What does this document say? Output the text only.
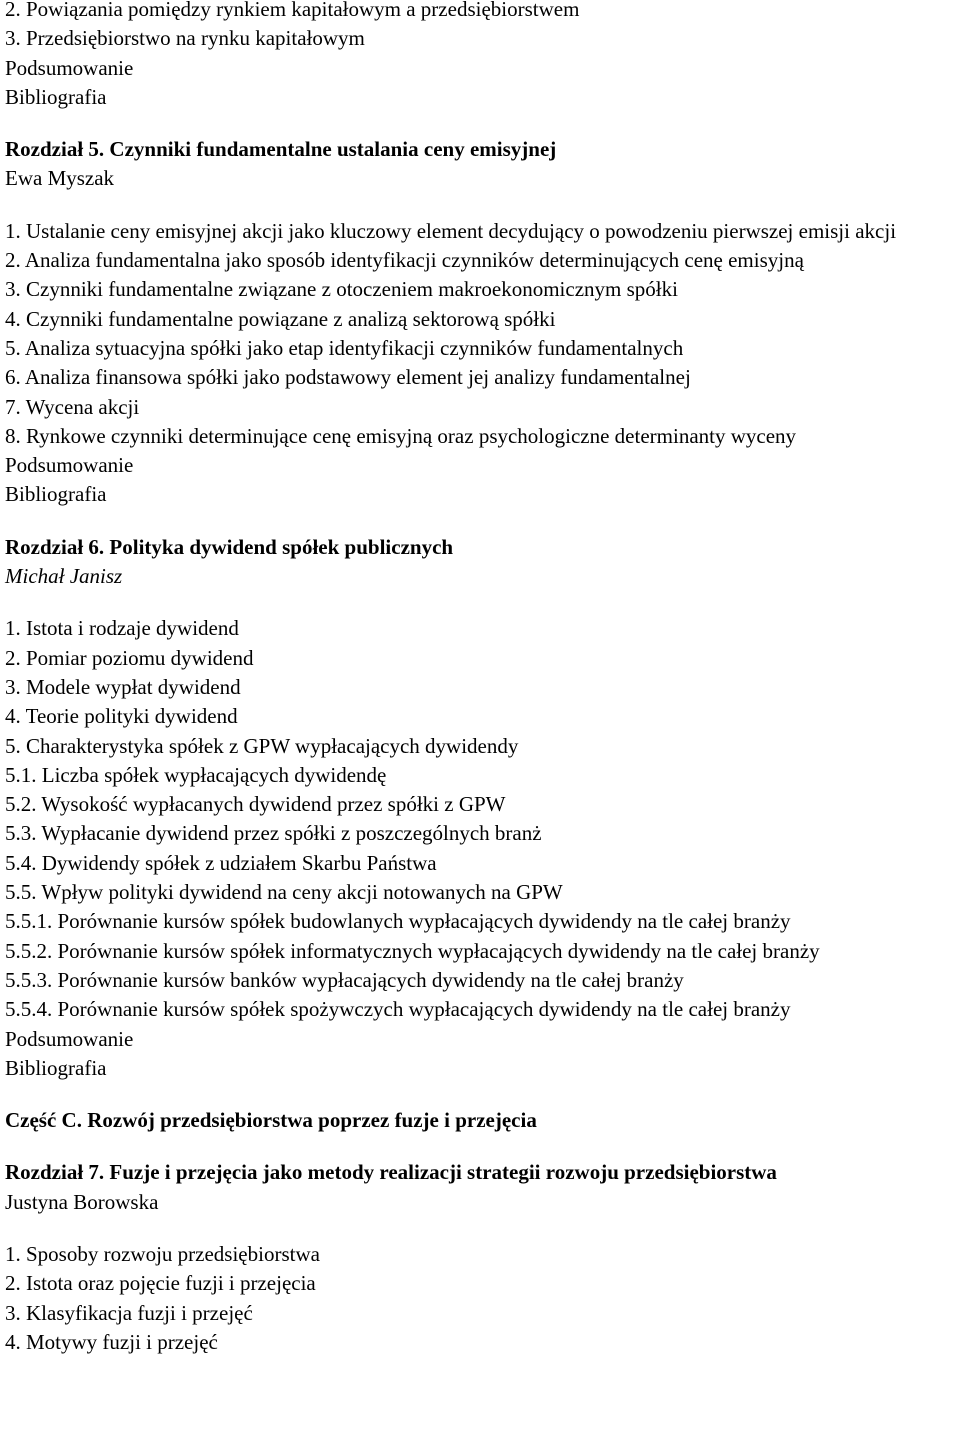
2. Powiązania pomiędzy rynkiem kapitałowym a przedsiębiorstwem
3. Przedsiębiorstwo na rynku kapitałowym
Podsumowanie
Bibliografia
Rozdział 5. Czynniki fundamentalne ustalania ceny emisyjnej
Ewa Myszak
1. Ustalanie ceny emisyjnej akcji jako kluczowy element decydujący o powodzeniu pierwszej emisji akcji
2. Analiza fundamentalna jako sposób identyfikacji czynników determinujących cenę emisyjną
3. Czynniki fundamentalne związane z otoczeniem makroekonomicznym spółki
4. Czynniki fundamentalne powiązane z analizą sektorową spółki
5. Analiza sytuacyjna spółki jako etap identyfikacji czynników fundamentalnych
6. Analiza finansowa spółki jako podstawowy element jej analizy fundamentalnej
7. Wycena akcji
8. Rynkowe czynniki determinujące cenę emisyjną oraz psychologiczne determinanty wyceny
Podsumowanie
Bibliografia
Rozdział 6. Polityka dywidend spółek publicznych
Michał Janisz
1. Istota i rodzaje dywidend
2. Pomiar poziomu dywidend
3. Modele wypłat dywidend
4. Teorie polityki dywidend
5. Charakterystyka spółek z GPW wypłacających dywidendy
5.1. Liczba spółek wypłacających dywidendę
5.2. Wysokość wypłacanych dywidend przez spółki z GPW
5.3. Wypłacanie dywidend przez spółki z poszczególnych branż
5.4. Dywidendy spółek z udziałem Skarbu Państwa
5.5. Wpływ polityki dywidend na ceny akcji notowanych na GPW
5.5.1. Porównanie kursów spółek budowlanych wypłacających dywidendy na tle całej branży
5.5.2. Porównanie kursów spółek informatycznych wypłacających dywidendy na tle całej branży
5.5.3. Porównanie kursów banków wypłacających dywidendy na tle całej branży
5.5.4. Porównanie kursów spółek spożywczych wypłacających dywidendy na tle całej branży
Podsumowanie
Bibliografia
Część C. Rozwój przedsiębiorstwa poprzez fuzje i przejęcia
Rozdział 7. Fuzje i przejęcia jako metody realizacji strategii rozwoju przedsiębiorstwa
Justyna Borowska
1. Sposoby rozwoju przedsiębiorstwa
2. Istota oraz pojęcie fuzji i przejęcia
3. Klasyfikacja fuzji i przejęć
4. Motywy fuzji i przejęć
